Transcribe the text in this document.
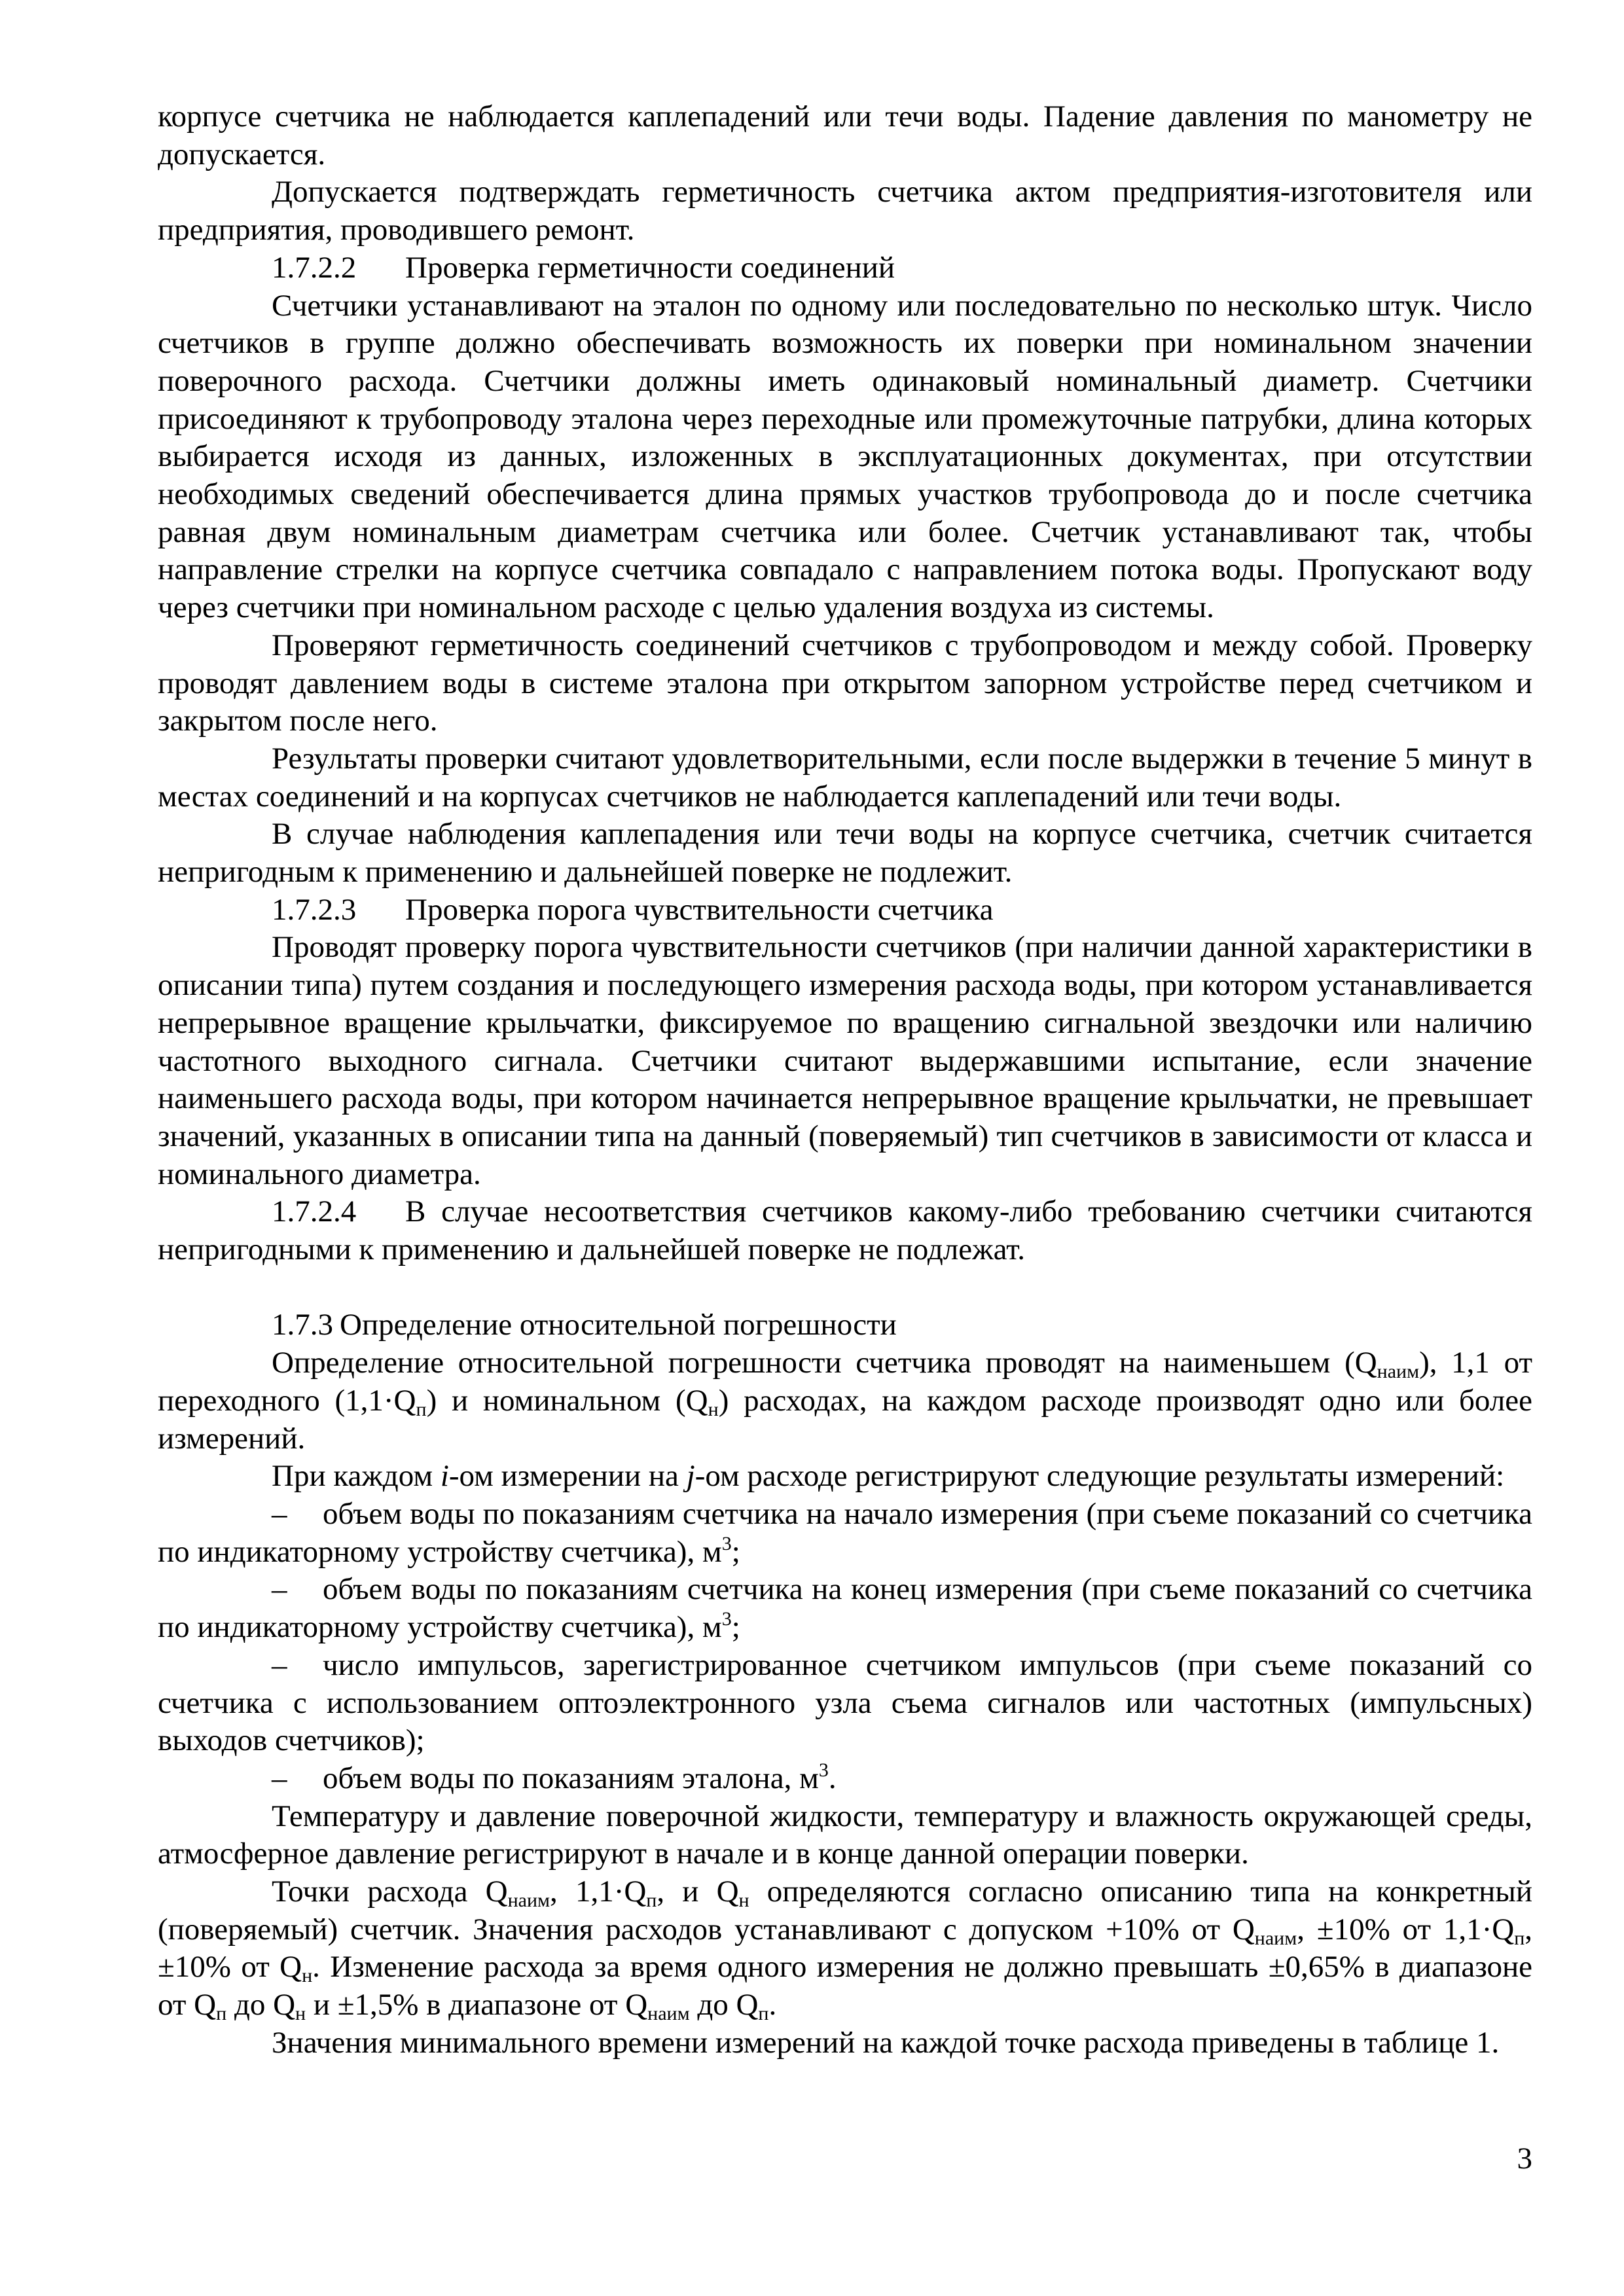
корпусе счетчика не наблюдается каплепадений или течи воды. Падение давления по манометру не допускается.

Допускается подтверждать герметичность счетчика актом предприятия-изготовителя или предприятия, проводившего ремонт.

1.7.2.2 Проверка герметичности соединений

Счетчики устанавливают на эталон по одному или последовательно по несколько штук. Число счетчиков в группе должно обеспечивать возможность их поверки при номинальном значении поверочного расхода. Счетчики должны иметь одинаковый номинальный диаметр. Счетчики присоединяют к трубопроводу эталона через переходные или промежуточные патрубки, длина которых выбирается исходя из данных, изложенных в эксплуатационных документах, при отсутствии необходимых сведений обеспечивается длина прямых участков трубопровода до и после счетчика равная двум номинальным диаметрам счетчика или более. Счетчик устанавливают так, чтобы направление стрелки на корпусе счетчика совпадало с направлением потока воды. Пропускают воду через счетчики при номинальном расходе с целью удаления воздуха из системы.

Проверяют герметичность соединений счетчиков с трубопроводом и между собой. Проверку проводят давлением воды в системе эталона при открытом запорном устройстве перед счетчиком и закрытом после него.

Результаты проверки считают удовлетворительными, если после выдержки в течение 5 минут в местах соединений и на корпусах счетчиков не наблюдается каплепадений или течи воды.

В случае наблюдения каплепадения или течи воды на корпусе счетчика, счетчик считается непригодным к применению и дальнейшей поверке не подлежит.

1.7.2.3 Проверка порога чувствительности счетчика

Проводят проверку порога чувствительности счетчиков (при наличии данной характеристики в описании типа) путем создания и последующего измерения расхода воды, при котором устанавливается непрерывное вращение крыльчатки, фиксируемое по вращению сигнальной звездочки или наличию частотного выходного сигнала. Счетчики считают выдержавшими испытание, если значение наименьшего расхода воды, при котором начинается непрерывное вращение крыльчатки, не превышает значений, указанных в описании типа на данный (поверяемый) тип счетчиков в зависимости от класса и номинального диаметра.

1.7.2.4 В случае несоответствия счетчиков какому-либо требованию счетчики считаются непригодными к применению и дальнейшей поверке не подлежат.

1.7.3 Определение относительной погрешности

Определение относительной погрешности счетчика проводят на наименьшем $(Q_{наим})$, 1,1 от переходного $(1,1\cdot Q_п)$ и номинальном $(Q_н)$ расходах, на каждом расходе производят одно или более измерений.

При каждом i-ом измерении на j-ом расходе регистрируют следующие результаты измерений:

– объем воды по показаниям счетчика на начало измерения (при съеме показаний со счетчика по индикаторному устройству счетчика), $м^3$;

– объем воды по показаниям счетчика на конец измерения (при съеме показаний со счетчика по индикаторному устройству счетчика), $м^3$;

– число импульсов, зарегистрированное счетчиком импульсов (при съеме показаний со счетчика с использованием оптоэлектронного узла съема сигналов или частотных (импульсных) выходов счетчиков);

– объем воды по показаниям эталона, $м^3$.

Температуру и давление поверочной жидкости, температуру и влажность окружающей среды, атмосферное давление регистрируют в начале и в конце данной операции поверки.

Точки расхода $Q_{наим}$, $1,1\cdot Q_п$, и $Q_н$ определяются согласно описанию типа на конкретный (поверяемый) счетчик. Значения расходов устанавливают с допуском +10% от $Q_{наим}$, ±10% от $1,1\cdot Q_п$, ±10% от $Q_н$. Изменение расхода за время одного измерения не должно превышать ±0,65% в диапазоне от $Q_п$ до $Q_н$ и ±1,5% в диапазоне от $Q_{наим}$ до $Q_п$.

Значения минимального времени измерений на каждой точке расхода приведены в таблице 1.

3
